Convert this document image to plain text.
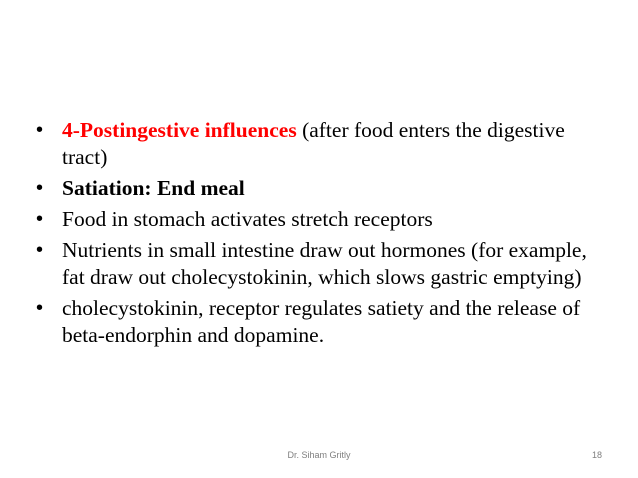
• 4-Postingestive influences (after food enters the digestive tract)
• Satiation: End meal
• Food in stomach activates stretch receptors
• Nutrients in small intestine draw out hormones (for example, fat draw out cholecystokinin, which slows gastric emptying)
• cholecystokinin, receptor regulates satiety and the release of beta-endorphin and dopamine.
Dr. Siham Gritly	18
